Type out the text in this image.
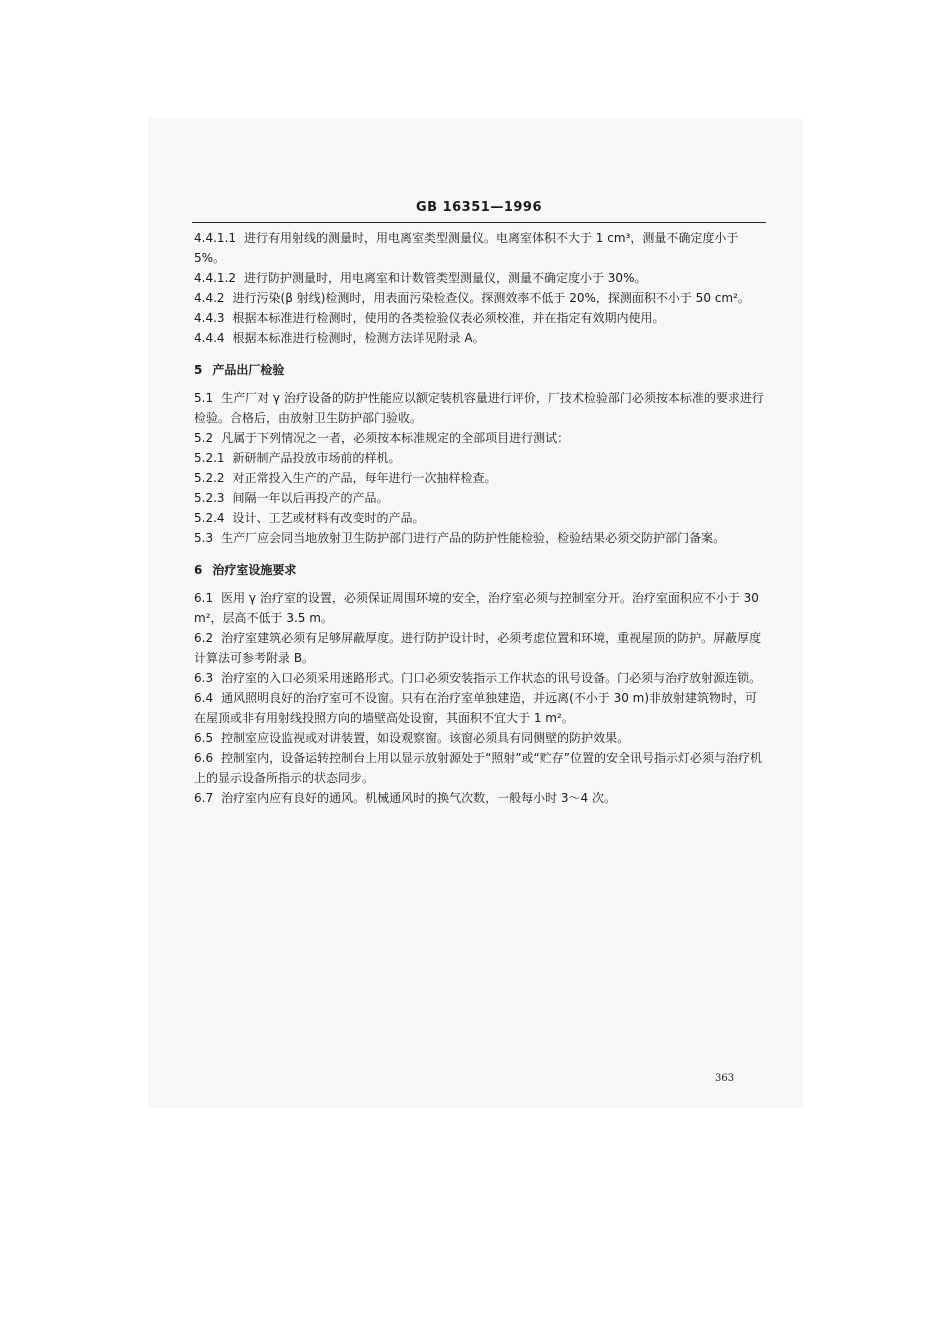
GB 16351—1996

4.4.1.1 进行有用射线的测量时，用电离室类型测量仪。电离室体积不大于 1 cm³，测量不确定度小于 5%。

4.4.1.2 进行防护测量时，用电离室和计数管类型测量仪，测量不确定度小于 30%。

4.4.2 进行污染(β 射线)检测时，用表面污染检查仪。探测效率不低于 20%，探测面积不小于 50 cm²。

4.4.3 根据本标准进行检测时，使用的各类检验仪表必须校准，并在指定有效期内使用。

4.4.4 根据本标准进行检测时，检测方法详见附录 A。

5 产品出厂检验

5.1 生产厂对 γ 治疗设备的防护性能应以额定装机容量进行评价，厂技术检验部门必须按本标准的要求进行检验。合格后，由放射卫生防护部门验收。

5.2 凡属于下列情况之一者，必须按本标准规定的全部项目进行测试：

5.2.1 新研制产品投放市场前的样机。

5.2.2 对正常投入生产的产品，每年进行一次抽样检查。

5.2.3 间隔一年以后再投产的产品。

5.2.4 设计、工艺或材料有改变时的产品。

5.3 生产厂应会同当地放射卫生防护部门进行产品的防护性能检验，检验结果必须交防护部门备案。

6 治疗室设施要求

6.1 医用 γ 治疗室的设置，必须保证周围环境的安全，治疗室必须与控制室分开。治疗室面积应不小于 30 m²，层高不低于 3.5 m。

6.2 治疗室建筑必须有足够屏蔽厚度。进行防护设计时，必须考虑位置和环境，重视屋顶的防护。屏蔽厚度计算法可参考附录 B。

6.3 治疗室的入口必须采用迷路形式。门口必须安装指示工作状态的讯号设备。门必须与治疗放射源连锁。

6.4 通风照明良好的治疗室可不设窗。只有在治疗室单独建造，并远离(不小于 30 m)非放射建筑物时，可在屋顶或非有用射线投照方向的墙壁高处设窗，其面积不宜大于 1 m²。

6.5 控制室应设监视或对讲装置，如设观察窗。该窗必须具有同侧壁的防护效果。

6.6 控制室内，设备运转控制台上用以显示放射源处于“照射”或“贮存”位置的安全讯号指示灯必须与治疗机上的显示设备所指示的状态同步。

6.7 治疗室内应有良好的通风。机械通风时的换气次数，一般每小时 3～4 次。

363
